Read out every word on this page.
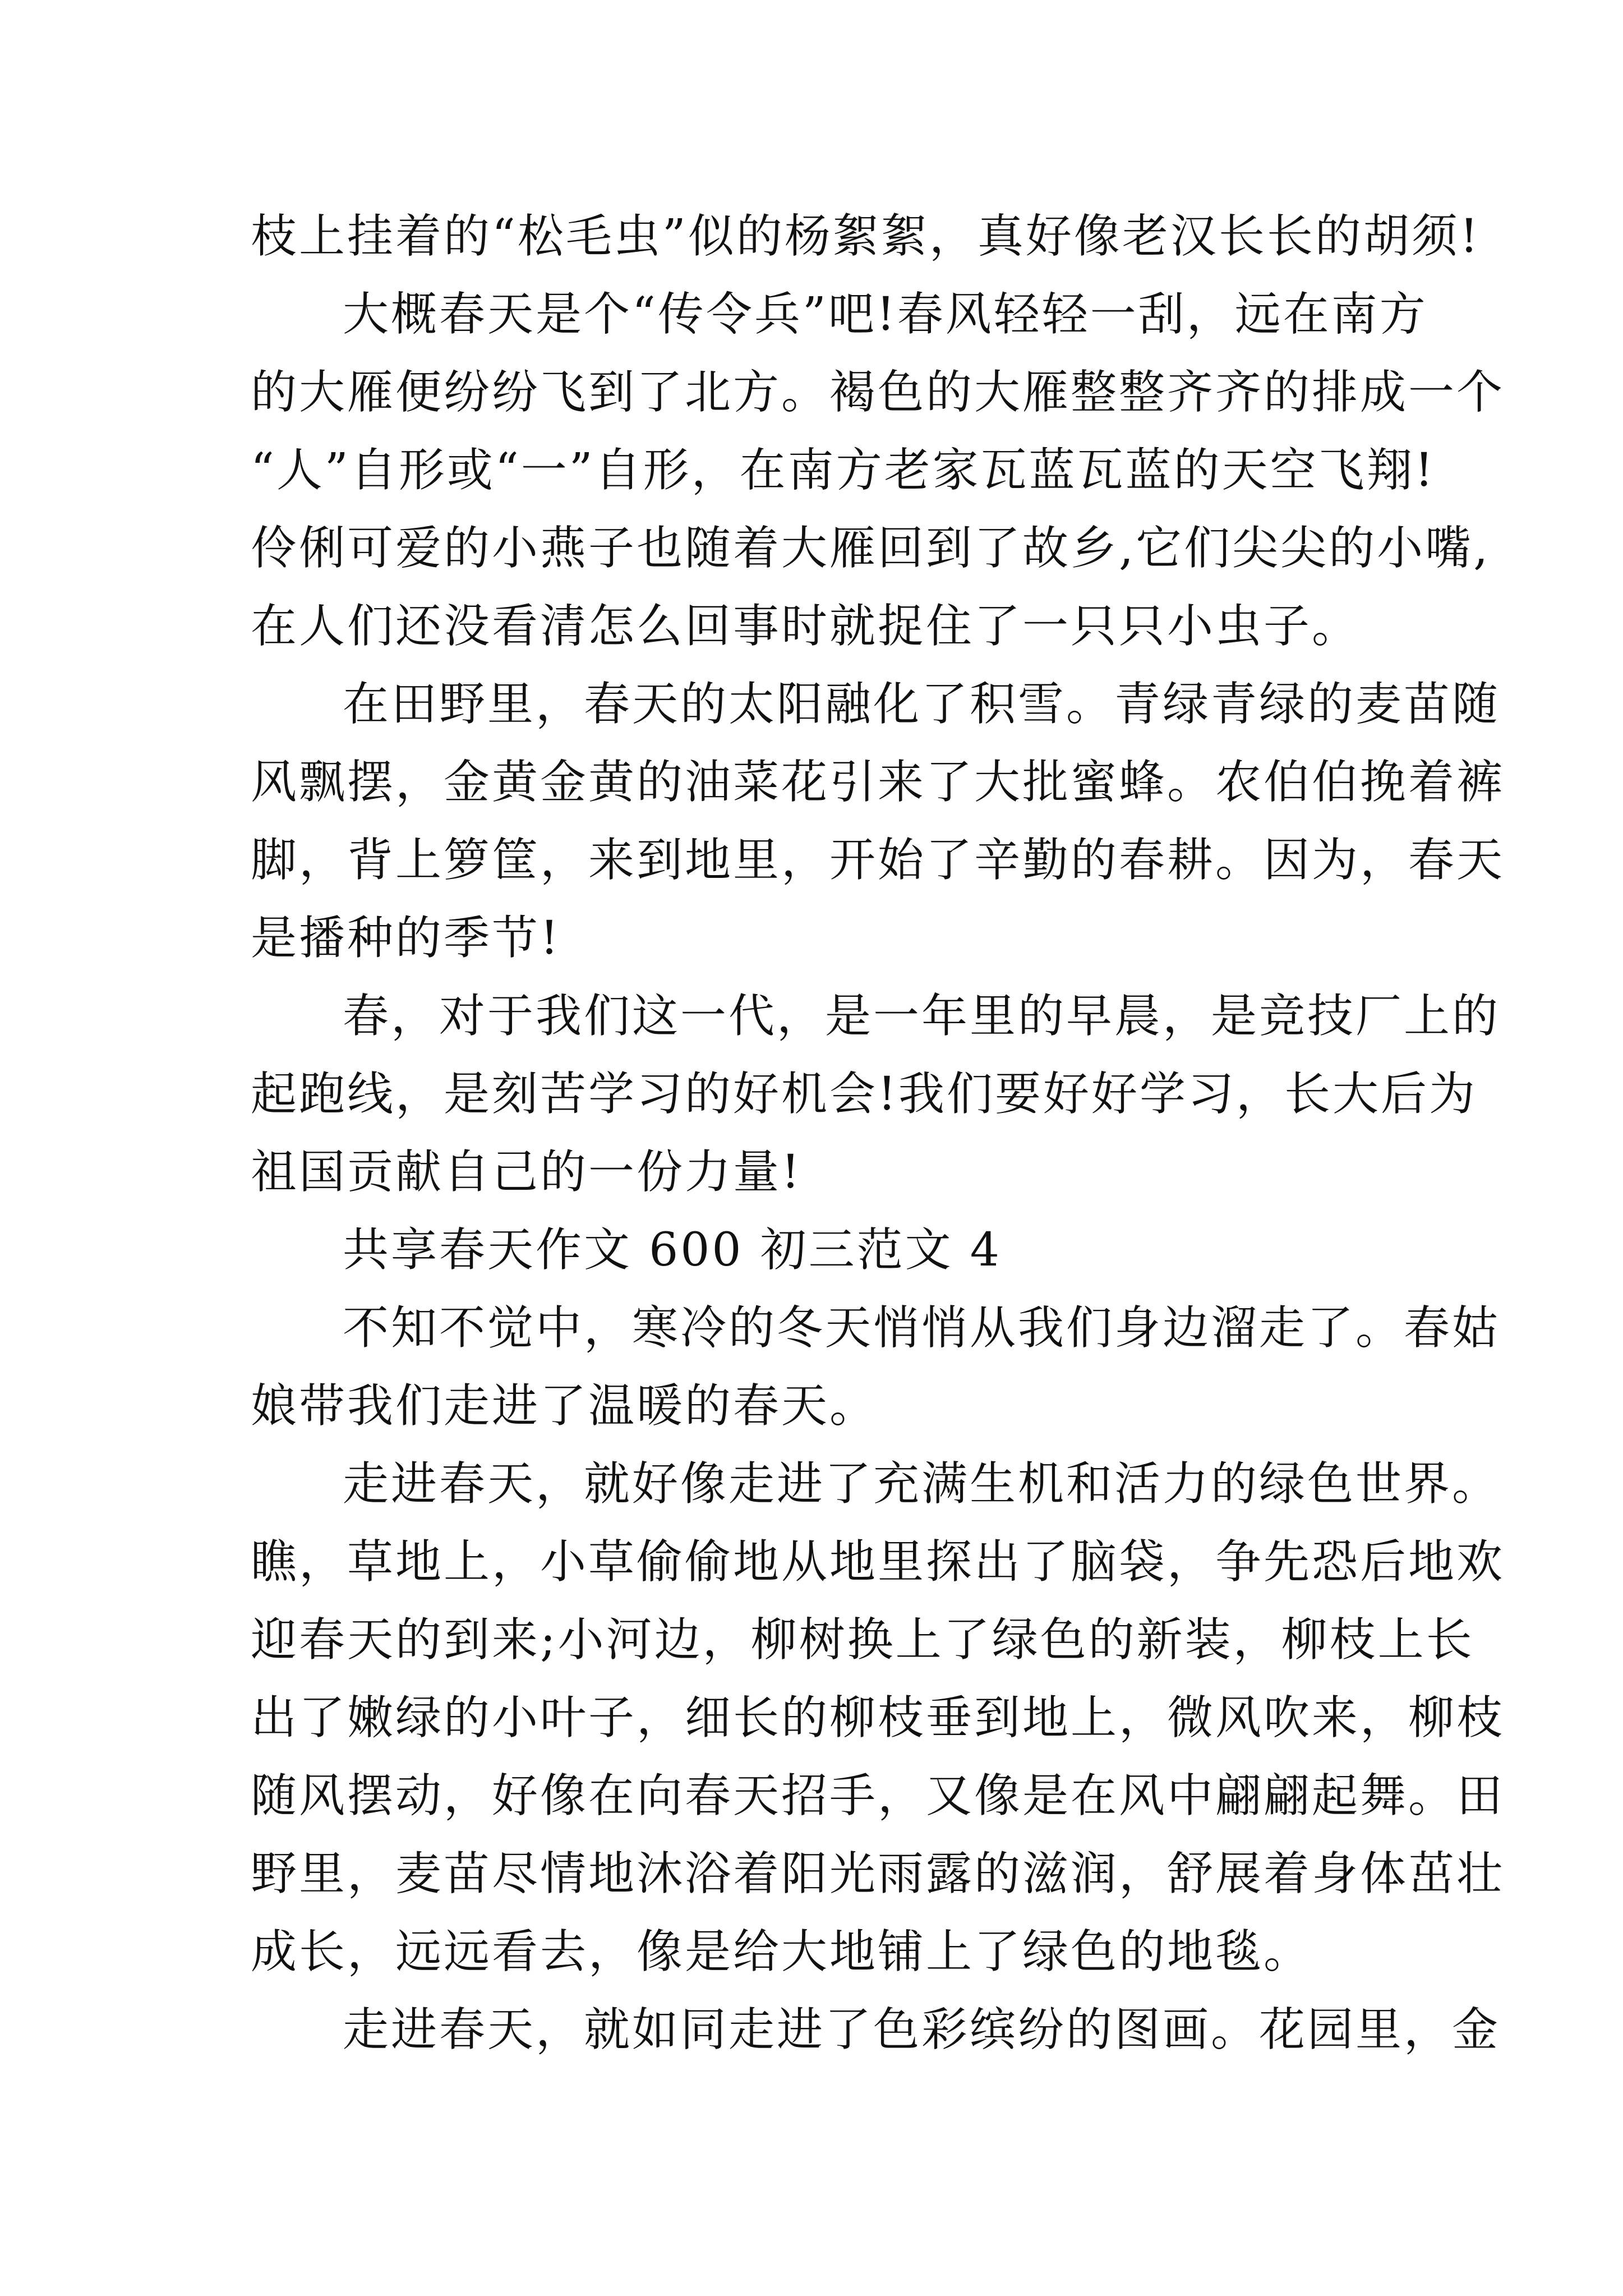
枝上挂着的“松毛虫”似的杨絮絮，真好像老汉长长的胡须!
大概春天是个“传令兵”吧!春风轻轻一刮，远在南方
的大雁便纷纷飞到了北方。褐色的大雁整整齐齐的排成一个
“人”自形或“一”自形，在南方老家瓦蓝瓦蓝的天空飞翔!
伶俐可爱的小燕子也随着大雁回到了故乡,它们尖尖的小嘴,
在人们还没看清怎么回事时就捉住了一只只小虫子。
在田野里，春天的太阳融化了积雪。青绿青绿的麦苗随
风飘摆，金黄金黄的油菜花引来了大批蜜蜂。农伯伯挽着裤
脚，背上箩筐，来到地里，开始了辛勤的春耕。因为，春天
是播种的季节!
春，对于我们这一代，是一年里的早晨，是竞技厂上的
起跑线，是刻苦学习的好机会!我们要好好学习，长大后为
祖国贡献自己的一份力量!
共享春天作文 600 初三范文 4
不知不觉中，寒冷的冬天悄悄从我们身边溜走了。春姑
娘带我们走进了温暖的春天。
走进春天，就好像走进了充满生机和活力的绿色世界。
瞧，草地上，小草偷偷地从地里探出了脑袋，争先恐后地欢
迎春天的到来;小河边，柳树换上了绿色的新装，柳枝上长
出了嫩绿的小叶子，细长的柳枝垂到地上，微风吹来，柳枝
随风摆动，好像在向春天招手，又像是在风中翩翩起舞。田
野里，麦苗尽情地沐浴着阳光雨露的滋润，舒展着身体茁壮
成长，远远看去，像是给大地铺上了绿色的地毯。
走进春天，就如同走进了色彩缤纷的图画。花园里，金
